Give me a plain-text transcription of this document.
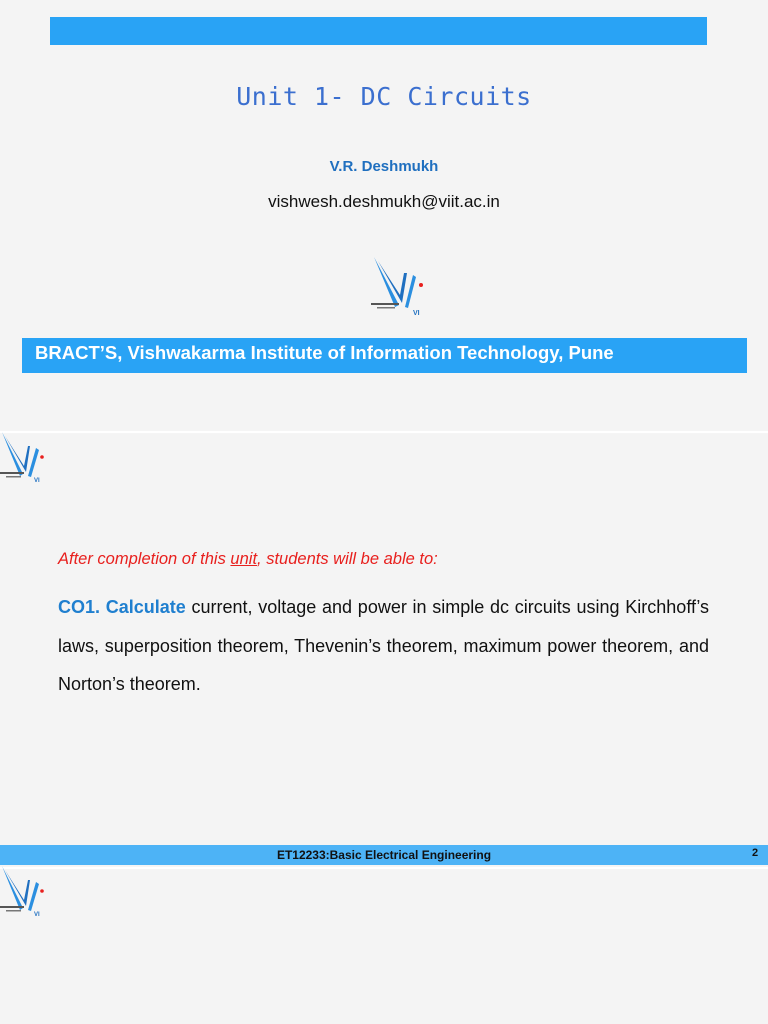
Unit 1- DC Circuits
V.R. Deshmukh
vishwesh.deshmukh@viit.ac.in
VI
BRACT’S, Vishwakarma Institute of Information Technology, Pune
VI
After completion of this unit, students will be able to:
CO1. Calculate current, voltage and power in simple dc circuits using Kirchhoff’s laws, superposition theorem, Thevenin’s theorem, maximum power theorem, and Norton’s theorem.
ET12233:Basic Electrical Engineering	2
VI
